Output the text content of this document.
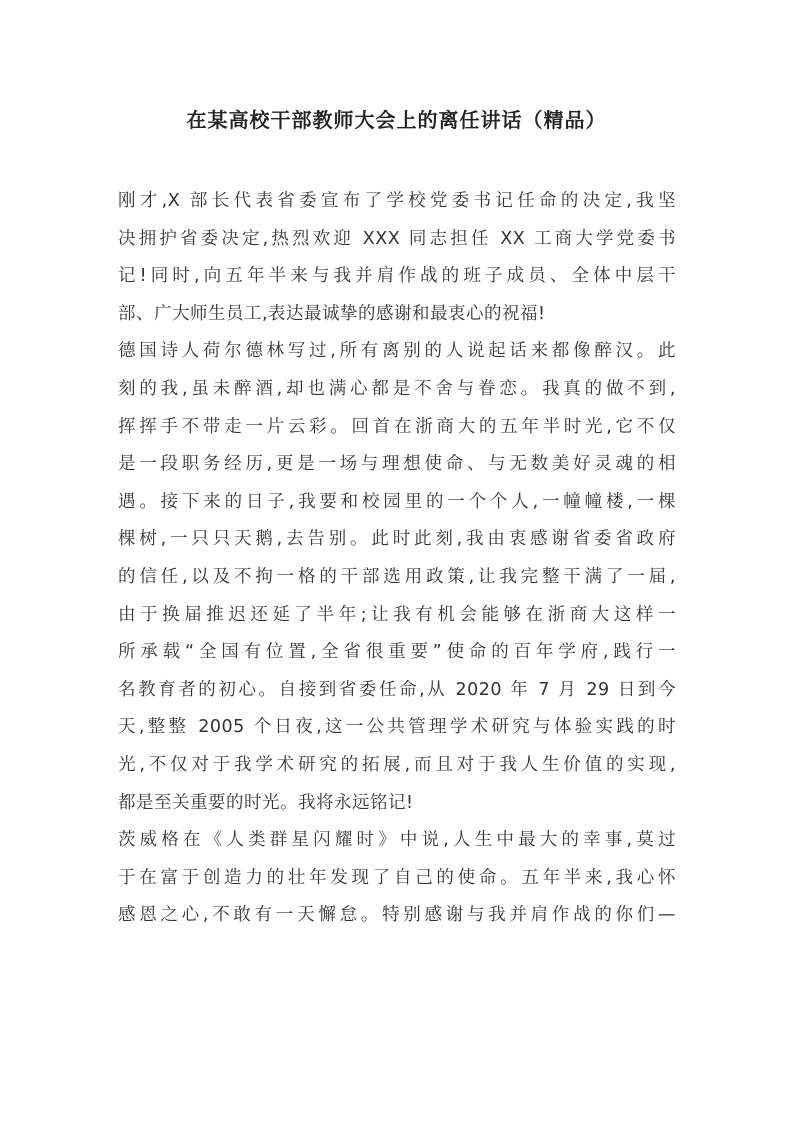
在某高校干部教师大会上的离任讲话（精品）
刚才,X 部长代表省委宣布了学校党委书记任命的决定,我坚
决拥护省委决定,热烈欢迎 XXX 同志担任 XX 工商大学党委书
记!同时,向五年半来与我并肩作战的班子成员、全体中层干
部、广大师生员工,表达最诚挚的感谢和最衷心的祝福!
德国诗人荷尔德林写过,所有离别的人说起话来都像醉汉。此
刻的我,虽未醉酒,却也满心都是不舍与眷恋。我真的做不到,
挥挥手不带走一片云彩。回首在浙商大的五年半时光,它不仅
是一段职务经历,更是一场与理想使命、与无数美好灵魂的相
遇。接下来的日子,我要和校园里的一个个人,一幢幢楼,一棵
棵树,一只只天鹅,去告别。此时此刻,我由衷感谢省委省政府
的信任,以及不拘一格的干部选用政策,让我完整干满了一届,
由于换届推迟还延了半年;让我有机会能够在浙商大这样一
所承载“全国有位置,全省很重要”使命的百年学府,践行一
名教育者的初心。自接到省委任命,从 2020 年 7 月 29 日到今
天,整整 2005 个日夜,这一公共管理学术研究与体验实践的时
光,不仅对于我学术研究的拓展,而且对于我人生价值的实现,
都是至关重要的时光。我将永远铭记!
茨威格在《人类群星闪耀时》中说,人生中最大的幸事,莫过
于在富于创造力的壮年发现了自己的使命。五年半来,我心怀
感恩之心,不敢有一天懈怠。特别感谢与我并肩作战的你们—
